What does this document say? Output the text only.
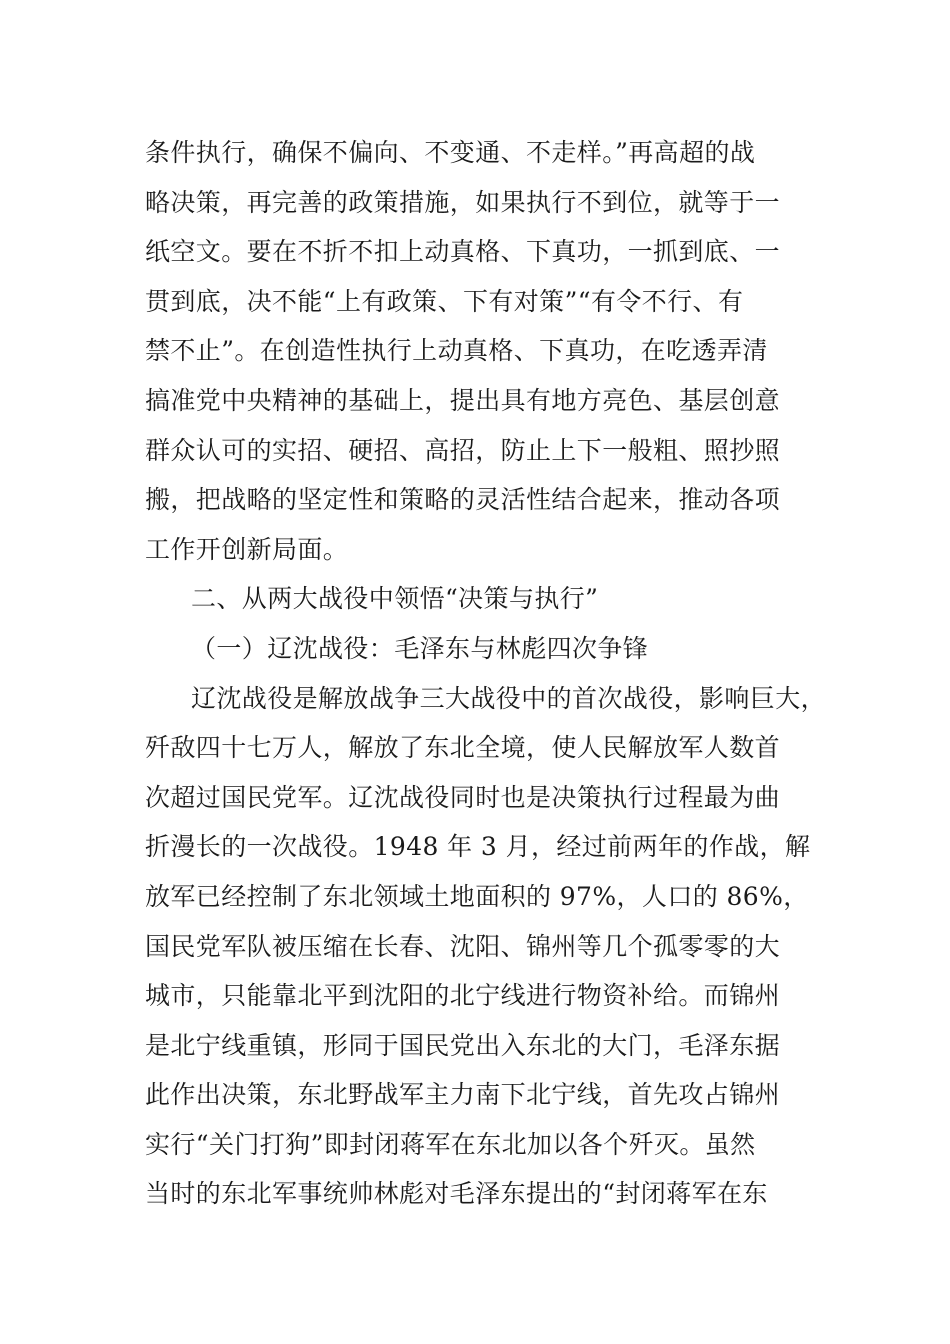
条件执行，确保不偏向、不变通、不走样。”再高超的战
略决策，再完善的政策措施，如果执行不到位，就等于一
纸空文。要在不折不扣上动真格、下真功，一抓到底、一
贯到底，决不能“上有政策、下有对策”“有令不行、有
禁不止”。在创造性执行上动真格、下真功，在吃透弄清
搞准党中央精神的基础上，提出具有地方亮色、基层创意
群众认可的实招、硬招、高招，防止上下一般粗、照抄照
搬，把战略的坚定性和策略的灵活性结合起来，推动各项
工作开创新局面。
二、从两大战役中领悟“决策与执行”
（一）辽沈战役：毛泽东与林彪四次争锋
辽沈战役是解放战争三大战役中的首次战役，影响巨大，
歼敌四十七万人，解放了东北全境，使人民解放军人数首
次超过国民党军。辽沈战役同时也是决策执行过程最为曲
折漫长的一次战役。1948 年 3 月，经过前两年的作战，解
放军已经控制了东北领域土地面积的 97%，人口的 86%，
国民党军队被压缩在长春、沈阳、锦州等几个孤零零的大
城市，只能靠北平到沈阳的北宁线进行物资补给。而锦州
是北宁线重镇，形同于国民党出入东北的大门，毛泽东据
此作出决策，东北野战军主力南下北宁线，首先攻占锦州
实行“关门打狗”即封闭蒋军在东北加以各个歼灭。虽然
当时的东北军事统帅林彪对毛泽东提出的“封闭蒋军在东
